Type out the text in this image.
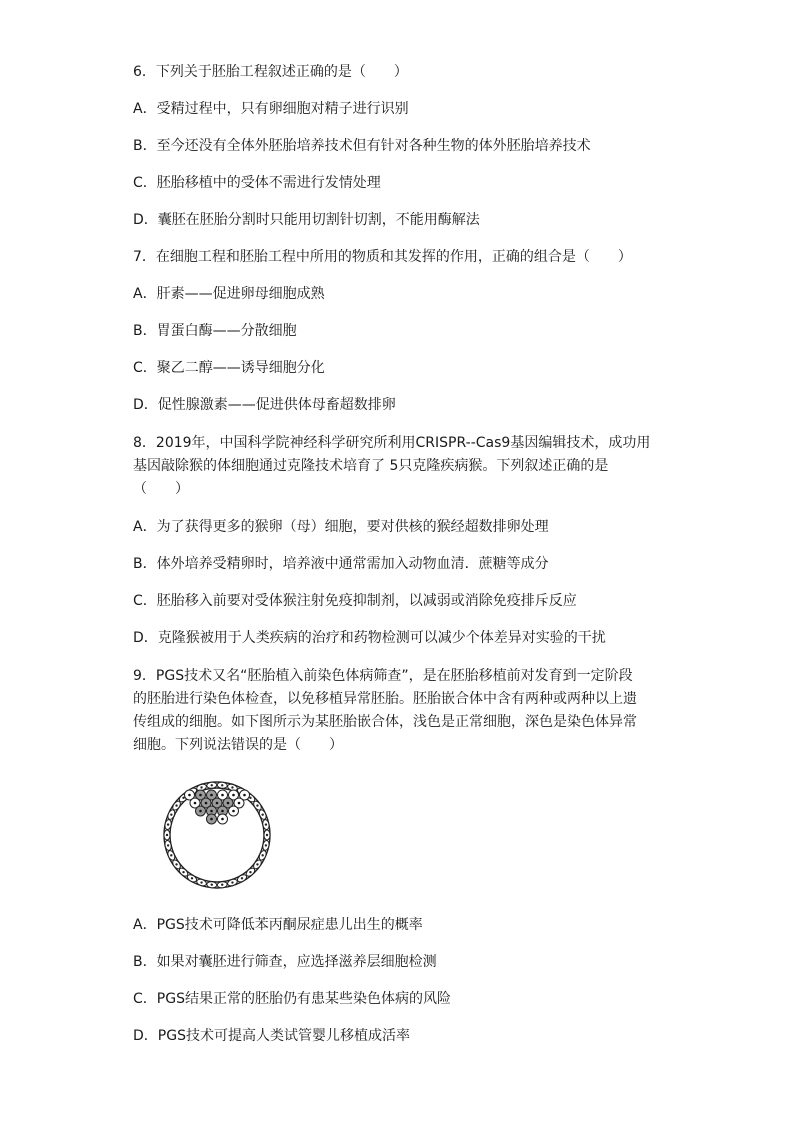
6．下列关于胚胎工程叙述正确的是（　　）
A．受精过程中，只有卵细胞对精子进行识别
B．至今还没有全体外胚胎培养技术但有针对各种生物的体外胚胎培养技术
C．胚胎移植中的受体不需进行发情处理
D．囊胚在胚胎分割时只能用切割针切割，不能用酶解法
7．在细胞工程和胚胎工程中所用的物质和其发挥的作用，正确的组合是（　　）
A．肝素——促进卵母细胞成熟
B．胃蛋白酶——分散细胞
C．聚乙二醇——诱导细胞分化
D．促性腺激素——促进供体母畜超数排卵
8．2019年，中国科学院神经科学研究所利用CRISPR--Cas9基因编辑技术，成功用
基因敲除猴的体细胞通过克隆技术培育了 5只克隆疾病猴。下列叙述正确的是
（　　）
A．为了获得更多的猴卵（母）细胞，要对供核的猴经超数排卵处理
B．体外培养受精卵时，培养液中通常需加入动物血清．蔗糖等成分
C．胚胎移入前要对受体猴注射免疫抑制剂，以减弱或消除免疫排斥反应
D．克隆猴被用于人类疾病的治疗和药物检测可以减少个体差异对实验的干扰
9．PGS技术又名“胚胎植入前染色体病筛查”，是在胚胎移植前对发育到一定阶段
的胚胎进行染色体检查，以免移植异常胚胎。胚胎嵌合体中含有两种或两种以上遗
传组成的细胞。如下图所示为某胚胎嵌合体，浅色是正常细胞，深色是染色体异常
细胞。下列说法错误的是（　　）
A．PGS技术可降低苯丙酮尿症患儿出生的概率
B．如果对囊胚进行筛查，应选择滋养层细胞检测
C．PGS结果正常的胚胎仍有患某些染色体病的风险
D．PGS技术可提高人类试管婴儿移植成活率
